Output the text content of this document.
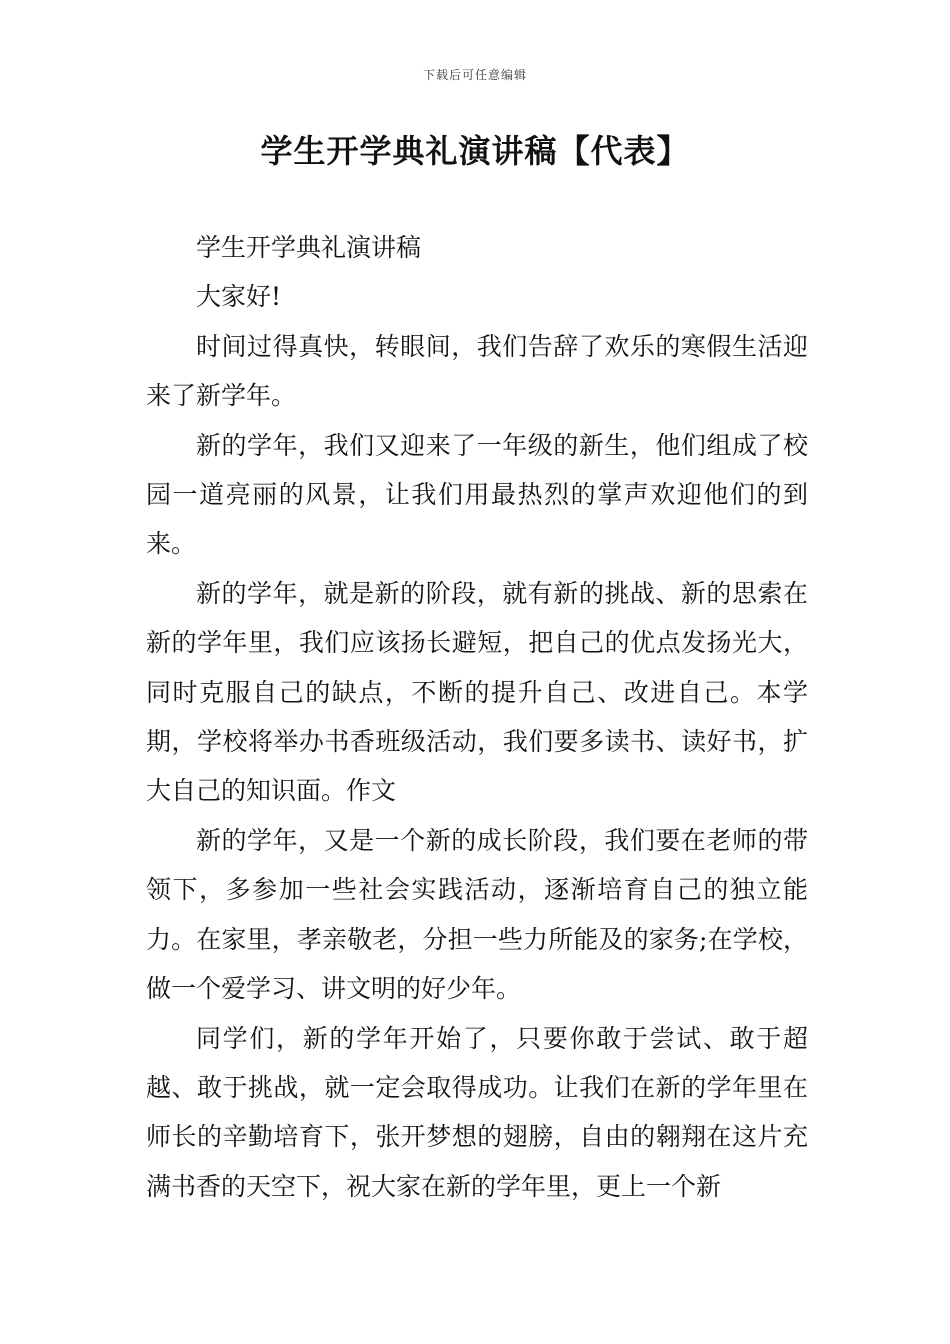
下载后可任意编辑
学生开学典礼演讲稿【代表】

学生开学典礼演讲稿

大家好!

时间过得真快，转眼间，我们告辞了欢乐的寒假生活迎来了新学年。

新的学年，我们又迎来了一年级的新生，他们组成了校园一道亮丽的风景，让我们用最热烈的掌声欢迎他们的到来。

新的学年，就是新的阶段，就有新的挑战、新的思索在新的学年里，我们应该扬长避短，把自己的优点发扬光大，同时克服自己的缺点，不断的提升自己、改进自己。本学期，学校将举办书香班级活动，我们要多读书、读好书，扩大自己的知识面。作文

新的学年，又是一个新的成长阶段，我们要在老师的带领下，多参加一些社会实践活动，逐渐培育自己的独立能力。在家里，孝亲敬老，分担一些力所能及的家务;在学校，做一个爱学习、讲文明的好少年。

同学们，新的学年开始了，只要你敢于尝试、敢于超越、敢于挑战，就一定会取得成功。让我们在新的学年里在师长的辛勤培育下，张开梦想的翅膀，自由的翱翔在这片充满书香的天空下，祝大家在新的学年里，更上一个新
